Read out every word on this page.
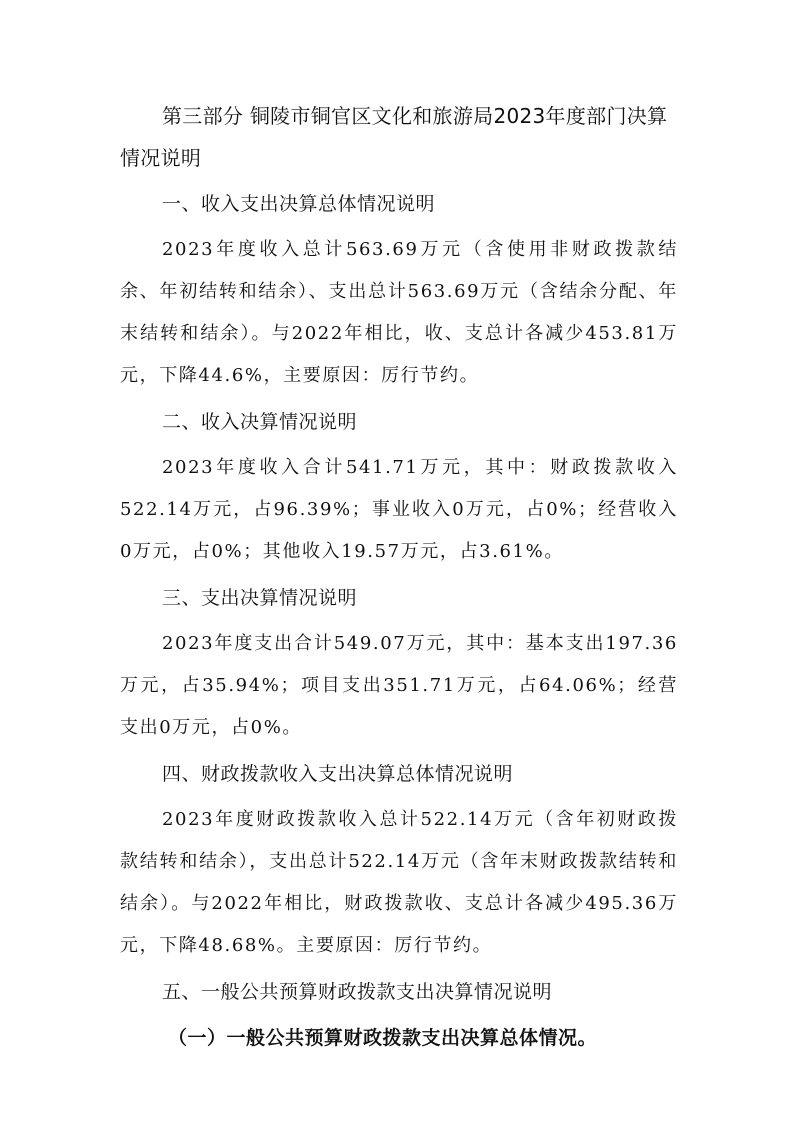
第三部分 铜陵市铜官区文化和旅游局2023年度部门决算情况说明

一、收入支出决算总体情况说明

2023年度收入总计563.69万元（含使用非财政拨款结余、年初结转和结余）、支出总计563.69万元（含结余分配、年末结转和结余）。与2022年相比，收、支总计各减少453.81万元，下降44.6%，主要原因：厉行节约。

二、收入决算情况说明

2023年度收入合计541.71万元，其中：财政拨款收入522.14万元，占96.39%；事业收入0万元，占0%；经营收入0万元，占0%；其他收入19.57万元，占3.61%。

三、支出决算情况说明

2023年度支出合计549.07万元，其中：基本支出197.36万元，占35.94%；项目支出351.71万元，占64.06%；经营支出0万元，占0%。

四、财政拨款收入支出决算总体情况说明

2023年度财政拨款收入总计522.14万元（含年初财政拨款结转和结余），支出总计522.14万元（含年末财政拨款结转和结余）。与2022年相比，财政拨款收、支总计各减少495.36万元，下降48.68%。主要原因：厉行节约。

五、一般公共预算财政拨款支出决算情况说明

（一）一般公共预算财政拨款支出决算总体情况。
